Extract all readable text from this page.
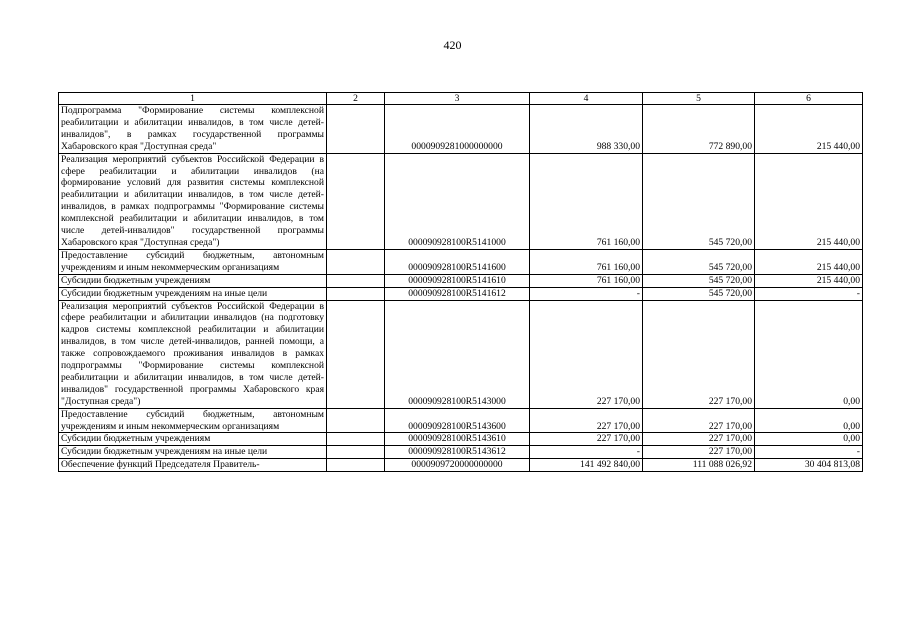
420
1	2	3	4	5	6
Подпрограмма "Формирование системы комплексной реабилитации и абилитации инвалидов, в том числе детей-инвалидов", в рамках государственной программы Хабаровского края "Доступная среда"		0000909281000000000	988 330,00	772 890,00	215 440,00
Реализация мероприятий субъектов Российской Федерации в сфере реабилитации и абилитации инвалидов (на формирование условий для развития системы комплексной реабилитации и абилитации инвалидов, в том числе детей-инвалидов, в рамках подпрограммы "Формирование системы комплексной реабилитации и абилитации инвалидов, в том числе детей-инвалидов" государственной программы Хабаровского края "Доступная среда")		000090928100R5141000	761 160,00	545 720,00	215 440,00
Предоставление субсидий бюджетным, автономным учреждениям и иным некоммерческим организациям		000090928100R5141600	761 160,00	545 720,00	215 440,00
Субсидии бюджетным учреждениям		000090928100R5141610	761 160,00	545 720,00	215 440,00
Субсидии бюджетным учреждениям на иные цели		000090928100R5141612	-	545 720,00	-
Реализация мероприятий субъектов Российской Федерации в сфере реабилитации и абилитации инвалидов (на подготовку кадров системы комплексной реабилитации и абилитации инвалидов, в том числе детей-инвалидов, ранней помощи, а также сопровождаемого проживания инвалидов в рамках подпрограммы "Формирование системы комплексной реабилитации и абилитации инвалидов, в том числе детей-инвалидов" государственной программы Хабаровского края "Доступная среда")		000090928100R5143000	227 170,00	227 170,00	0,00
Предоставление субсидий бюджетным, автономным учреждениям и иным некоммерческим организациям		000090928100R5143600	227 170,00	227 170,00	0,00
Субсидии бюджетным учреждениям		000090928100R5143610	227 170,00	227 170,00	0,00
Субсидии бюджетным учреждениям на иные цели		000090928100R5143612	-	227 170,00	-
Обеспечение функций Председателя Правитель-		0000909720000000000	141 492 840,00	111 088 026,92	30 404 813,08
